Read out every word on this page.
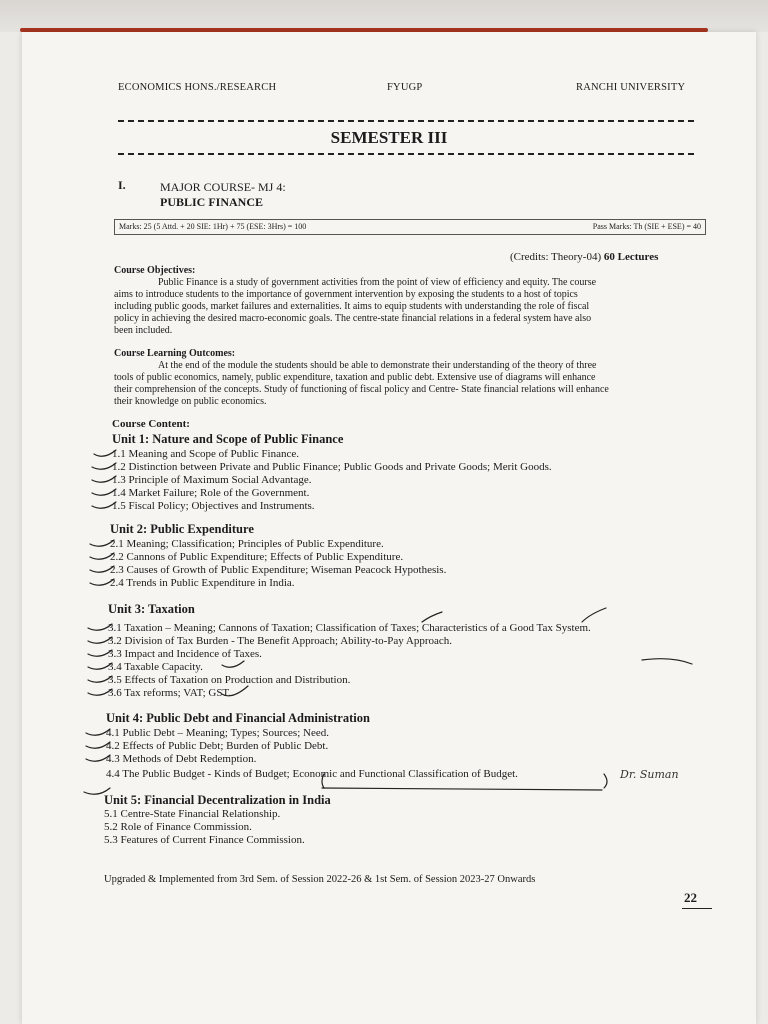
ECONOMICS HONS./RESEARCH	FYUGP	RANCHI UNIVERSITY
SEMESTER III
I.	MAJOR COURSE- MJ 4:
PUBLIC FINANCE
Marks: 25 (5 Attd. + 20 SIE: 1Hr) + 75 (ESE: 3Hrs) = 100	Pass Marks: Th (SIE + ESE) = 40
(Credits: Theory-04) 60 Lectures
Course Objectives:
Public Finance is a study of government activities from the point of view of efficiency and equity. The course
aims to introduce students to the importance of government intervention by exposing the students to a host of topics
including public goods, market failures and externalities. It aims to equip students with understanding the role of fiscal
policy in achieving the desired macro-economic goals. The centre-state financial relations in a federal system have also
been included.
Course Learning Outcomes:
At the end of the module the students should be able to demonstrate their understanding of the theory of three
tools of public economics, namely, public expenditure, taxation and public debt. Extensive use of diagrams will enhance
their comprehension of the concepts. Study of functioning of fiscal policy and Centre- State financial relations will enhance
their knowledge on public economics.
Course Content:
Unit 1: Nature and Scope of Public Finance
1.1 Meaning and Scope of Public Finance.
1.2 Distinction between Private and Public Finance; Public Goods and Private Goods; Merit Goods.
1.3 Principle of Maximum Social Advantage.
1.4 Market Failure; Role of the Government.
1.5 Fiscal Policy; Objectives and Instruments.
Unit 2: Public Expenditure
2.1 Meaning; Classification; Principles of Public Expenditure.
2.2 Cannons of Public Expenditure; Effects of Public Expenditure.
2.3 Causes of Growth of Public Expenditure; Wiseman Peacock Hypothesis.
2.4 Trends in Public Expenditure in India.
Unit 3: Taxation
3.1 Taxation – Meaning; Cannons of Taxation; Classification of Taxes; Characteristics of a Good Tax System.
3.2 Division of Tax Burden - The Benefit Approach; Ability-to-Pay Approach.
3.3 Impact and Incidence of Taxes.
3.4 Taxable Capacity.
3.5 Effects of Taxation on Production and Distribution.
3.6 Tax reforms; VAT; GST.
Unit 4: Public Debt and Financial Administration
4.1 Public Debt – Meaning; Types; Sources; Need.
4.2 Effects of Public Debt; Burden of Public Debt.
4.3 Methods of Debt Redemption.
4.4 The Public Budget - Kinds of Budget; Economic and Functional Classification of Budget.	Dr. Suman
Unit 5: Financial Decentralization in India
5.1 Centre-State Financial Relationship.
5.2 Role of Finance Commission.
5.3 Features of Current Finance Commission.
Upgraded & Implemented from 3rd Sem. of Session 2022-26 & 1st Sem. of Session 2023-27 Onwards
22
